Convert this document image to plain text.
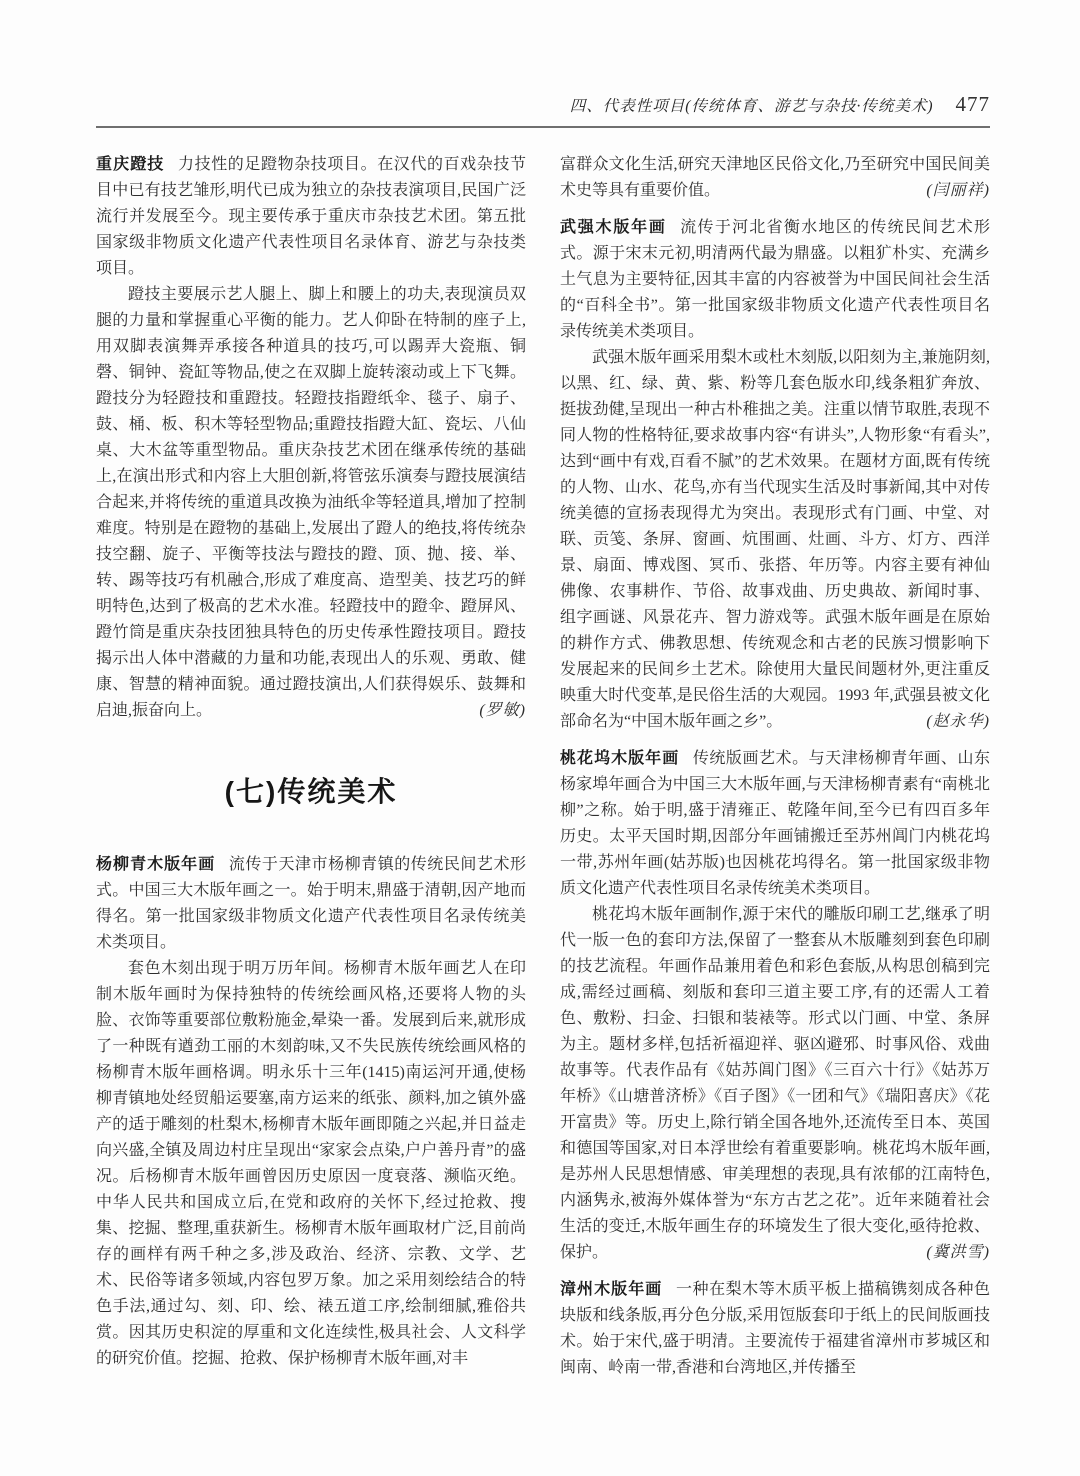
四、代表性项目(传统体育、游艺与杂技·传统美术) 477

重庆蹬技 力技性的足蹬物杂技项目。在汉代的百戏杂技节目中已有技艺雏形,明代已成为独立的杂技表演项目,民国广泛流行并发展至今。现主要传承于重庆市杂技艺术团。第五批国家级非物质文化遗产代表性项目名录体育、游艺与杂技类项目。

蹬技主要展示艺人腿上、脚上和腰上的功夫,表现演员双腿的力量和掌握重心平衡的能力。艺人仰卧在特制的座子上,用双脚表演舞弄承接各种道具的技巧,可以踢弄大瓷瓶、铜磬、铜钟、瓷缸等物品,使之在双脚上旋转滚动或上下飞舞。蹬技分为轻蹬技和重蹬技。轻蹬技指蹬纸伞、毯子、扇子、鼓、桶、板、积木等轻型物品;重蹬技指蹬大缸、瓷坛、八仙桌、大木盆等重型物品。重庆杂技艺术团在继承传统的基础上,在演出形式和内容上大胆创新,将管弦乐演奏与蹬技展演结合起来,并将传统的重道具改换为油纸伞等轻道具,增加了控制难度。特别是在蹬物的基础上,发展出了蹬人的绝技,将传统杂技空翻、旋子、平衡等技法与蹬技的蹬、顶、抛、接、举、转、踢等技巧有机融合,形成了难度高、造型美、技艺巧的鲜明特色,达到了极高的艺术水准。轻蹬技中的蹬伞、蹬屏风、蹬竹筒是重庆杂技团独具特色的历史传承性蹬技项目。蹬技揭示出人体中潜藏的力量和功能,表现出人的乐观、勇敢、健康、智慧的精神面貌。通过蹬技演出,人们获得娱乐、鼓舞和启迪,振奋向上。	(罗敏)

(七)传统美术

杨柳青木版年画 流传于天津市杨柳青镇的传统民间艺术形式。中国三大木版年画之一。始于明末,鼎盛于清朝,因产地而得名。第一批国家级非物质文化遗产代表性项目名录传统美术类项目。

套色木刻出现于明万历年间。杨柳青木版年画艺人在印制木版年画时为保持独特的传统绘画风格,还要将人物的头脸、衣饰等重要部位敷粉施金,晕染一番。发展到后来,就形成了一种既有遒劲工丽的木刻韵味,又不失民族传统绘画风格的杨柳青木版年画格调。明永乐十三年(1415)南运河开通,使杨柳青镇地处经贸船运要塞,南方运来的纸张、颜料,加之镇外盛产的适于雕刻的杜梨木,杨柳青木版年画即随之兴起,并日益走向兴盛,全镇及周边村庄呈现出“家家会点染,户户善丹青”的盛况。后杨柳青木版年画曾因历史原因一度衰落、濒临灭绝。中华人民共和国成立后,在党和政府的关怀下,经过抢救、搜集、挖掘、整理,重获新生。杨柳青木版年画取材广泛,目前尚存的画样有两千种之多,涉及政治、经济、宗教、文学、艺术、民俗等诸多领域,内容包罗万象。加之采用刻绘结合的特色手法,通过勾、刻、印、绘、裱五道工序,绘制细腻,雅俗共赏。因其历史积淀的厚重和文化连续性,极具社会、人文科学的研究价值。挖掘、抢救、保护杨柳青木版年画,对丰

富群众文化生活,研究天津地区民俗文化,乃至研究中国民间美术史等具有重要价值。	(闫丽祥)

武强木版年画 流传于河北省衡水地区的传统民间艺术形式。源于宋末元初,明清两代最为鼎盛。以粗犷朴实、充满乡土气息为主要特征,因其丰富的内容被誉为中国民间社会生活的“百科全书”。第一批国家级非物质文化遗产代表性项目名录传统美术类项目。

武强木版年画采用梨木或杜木刻版,以阳刻为主,兼施阴刻,以黑、红、绿、黄、紫、粉等几套色版水印,线条粗犷奔放、挺拔劲健,呈现出一种古朴稚拙之美。注重以情节取胜,表现不同人物的性格特征,要求故事内容“有讲头”,人物形象“有看头”,达到“画中有戏,百看不腻”的艺术效果。在题材方面,既有传统的人物、山水、花鸟,亦有当代现实生活及时事新闻,其中对传统美德的宣扬表现得尤为突出。表现形式有门画、中堂、对联、贡笺、条屏、窗画、炕围画、灶画、斗方、灯方、西洋景、扇面、博戏图、冥币、张搭、年历等。内容主要有神仙佛像、农事耕作、节俗、故事戏曲、历史典故、新闻时事、组字画谜、风景花卉、智力游戏等。武强木版年画是在原始的耕作方式、佛教思想、传统观念和古老的民族习惯影响下发展起来的民间乡土艺术。除使用大量民间题材外,更注重反映重大时代变革,是民俗生活的大观园。1993 年,武强县被文化部命名为“中国木版年画之乡”。	(赵永华)

桃花坞木版年画 传统版画艺术。与天津杨柳青年画、山东杨家埠年画合为中国三大木版年画,与天津杨柳青素有“南桃北柳”之称。始于明,盛于清雍正、乾隆年间,至今已有四百多年历史。太平天国时期,因部分年画铺搬迁至苏州阊门内桃花坞一带,苏州年画(姑苏版)也因桃花坞得名。第一批国家级非物质文化遗产代表性项目名录传统美术类项目。

桃花坞木版年画制作,源于宋代的雕版印刷工艺,继承了明代一版一色的套印方法,保留了一整套从木版雕刻到套色印刷的技艺流程。年画作品兼用着色和彩色套版,从构思创稿到完成,需经过画稿、刻版和套印三道主要工序,有的还需人工着色、敷粉、扫金、扫银和装裱等。形式以门画、中堂、条屏为主。题材多样,包括祈福迎祥、驱凶避邪、时事风俗、戏曲故事等。代表作品有《姑苏阊门图》《三百六十行》《姑苏万年桥》《山塘普济桥》《百子图》《一团和气》《瑞阳喜庆》《花开富贵》等。历史上,除行销全国各地外,还流传至日本、英国和德国等国家,对日本浮世绘有着重要影响。桃花坞木版年画,是苏州人民思想情感、审美理想的表现,具有浓郁的江南特色,内涵隽永,被海外媒体誉为“东方古艺之花”。近年来随着社会生活的变迁,木版年画生存的环境发生了很大变化,亟待抢救、保护。	(冀洪雪)

漳州木版年画 一种在梨木等木质平板上描稿镌刻成各种色块版和线条版,再分色分版,采用饾版套印于纸上的民间版画技术。始于宋代,盛于明清。主要流传于福建省漳州市芗城区和闽南、岭南一带,香港和台湾地区,并传播至
